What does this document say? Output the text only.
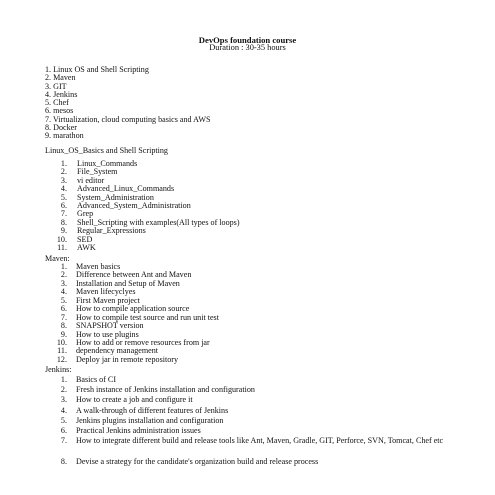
DevOps foundation course
Duration : 30-35 hours
1. Linux OS and Shell Scripting
2. Maven
3. GIT
4. Jenkins
5. Chef
6. mesos
7. Virtualization, cloud computing basics and AWS
8. Docker
9. marathon
Linux_OS_Basics and Shell Scripting
1. Linux_Commands
2. File_System
3. vi editor
4. Advanced_Linux_Commands
5. System_Administration
6. Advanced_System_Administration
7. Grep
8. Shell_Scripting with examples(All types of loops)
9. Regular_Expressions
10. SED
11. AWK
Maven:
1. Maven basics
2. Difference between Ant and Maven
3. Installation and Setup of Maven
4. Maven lifecyclyes
5. First Maven project
6. How to compile application source
7. How to compile test source and run unit test
8. SNAPSHOT version
9. How to use plugins
10. How to add or remove resources from jar
11. dependency management
12. Deploy jar in remote repository
Jenkins:
1. Basics of CI
2. Fresh instance of Jenkins installation and configuration
3. How to create a job and configure it
4. A walk-through of different features of Jenkins
5. Jenkins plugins installation and configuration
6. Practical Jenkins administration issues
7. How to integrate different build and release tools like Ant, Maven, Gradle, GIT, Perforce, SVN, Tomcat, Chef etc
8. Devise a strategy for the candidate's organization build and release process
